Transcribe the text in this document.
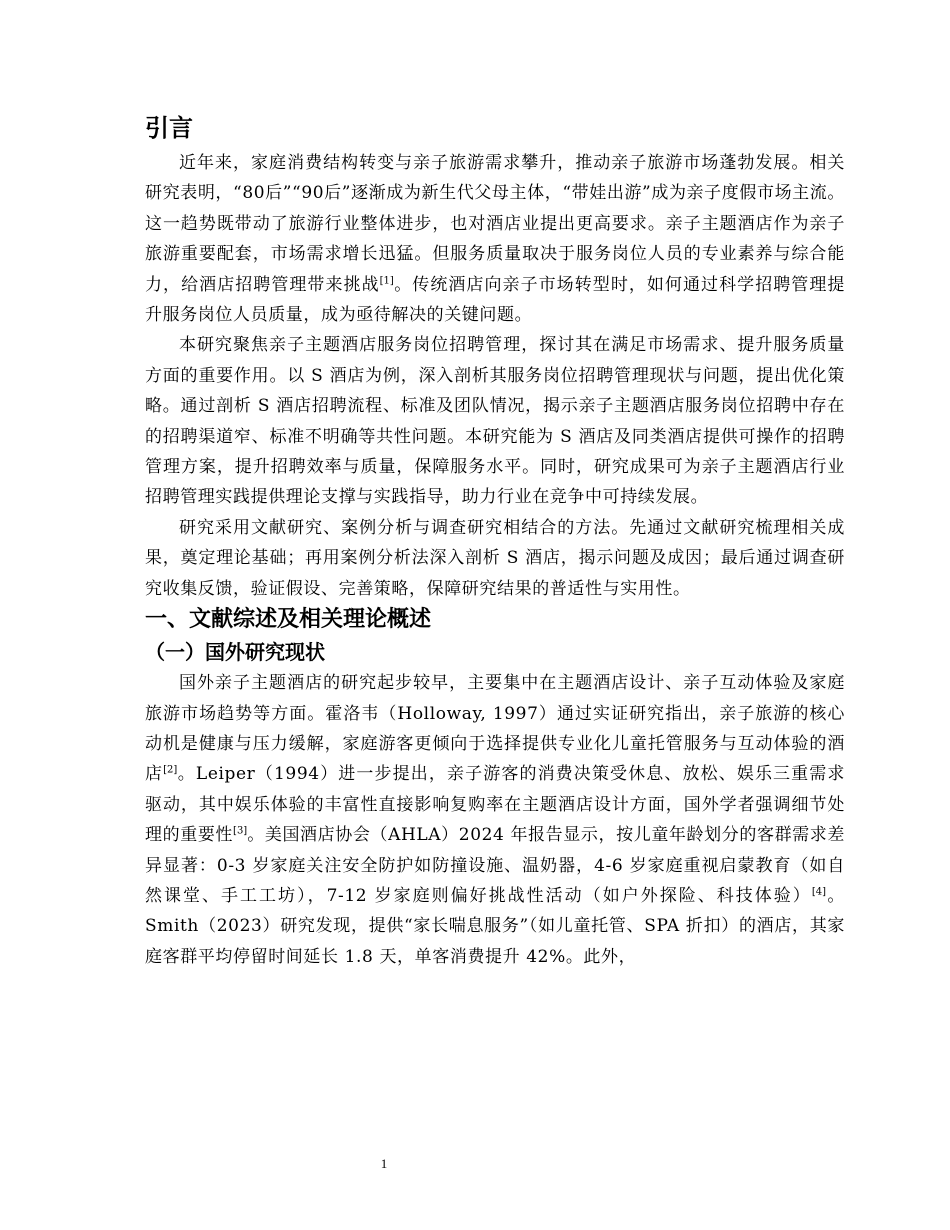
引言

近年来，家庭消费结构转变与亲子旅游需求攀升，推动亲子旅游市场蓬勃发展。相关研究表明，“80后”“90后”逐渐成为新生代父母主体，“带娃出游”成为亲子度假市场主流。这一趋势既带动了旅游行业整体进步，也对酒店业提出更高要求。亲子主题酒店作为亲子旅游重要配套，市场需求增长迅猛。但服务质量取决于服务岗位人员的专业素养与综合能力，给酒店招聘管理带来挑战[1]。传统酒店向亲子市场转型时，如何通过科学招聘管理提升服务岗位人员质量，成为亟待解决的关键问题。

本研究聚焦亲子主题酒店服务岗位招聘管理，探讨其在满足市场需求、提升服务质量方面的重要作用。以 S 酒店为例，深入剖析其服务岗位招聘管理现状与问题，提出优化策略。通过剖析 S 酒店招聘流程、标准及团队情况，揭示亲子主题酒店服务岗位招聘中存在的招聘渠道窄、标准不明确等共性问题。本研究能为 S 酒店及同类酒店提供可操作的招聘管理方案，提升招聘效率与质量，保障服务水平。同时，研究成果可为亲子主题酒店行业招聘管理实践提供理论支撑与实践指导，助力行业在竞争中可持续发展。

研究采用文献研究、案例分析与调查研究相结合的方法。先通过文献研究梳理相关成果，奠定理论基础；再用案例分析法深入剖析 S 酒店，揭示问题及成因；最后通过调查研究收集反馈，验证假设、完善策略，保障研究结果的普适性与实用性。

一、文献综述及相关理论概述
（一）国外研究现状

国外亲子主题酒店的研究起步较早，主要集中在主题酒店设计、亲子互动体验及家庭旅游市场趋势等方面。霍洛韦（Holloway, 1997）通过实证研究指出，亲子旅游的核心动机是健康与压力缓解，家庭游客更倾向于选择提供专业化儿童托管服务与互动体验的酒店[2]。Leiper（1994）进一步提出，亲子游客的消费决策受休息、放松、娱乐三重需求驱动，其中娱乐体验的丰富性直接影响复购率在主题酒店设计方面，国外学者强调细节处理的重要性[3]。美国酒店协会（AHLA）2024 年报告显示，按儿童年龄划分的客群需求差异显著：0-3 岁家庭关注安全防护如防撞设施、温奶器，4-6 岁家庭重视启蒙教育（如自然课堂、手工工坊），7-12 岁家庭则偏好挑战性活动（如户外探险、科技体验）[4]。Smith（2023）研究发现，提供“家长喘息服务”（如儿童托管、SPA 折扣）的酒店，其家庭客群平均停留时间延长 1.8 天，单客消费提升 42%。此外，

1
